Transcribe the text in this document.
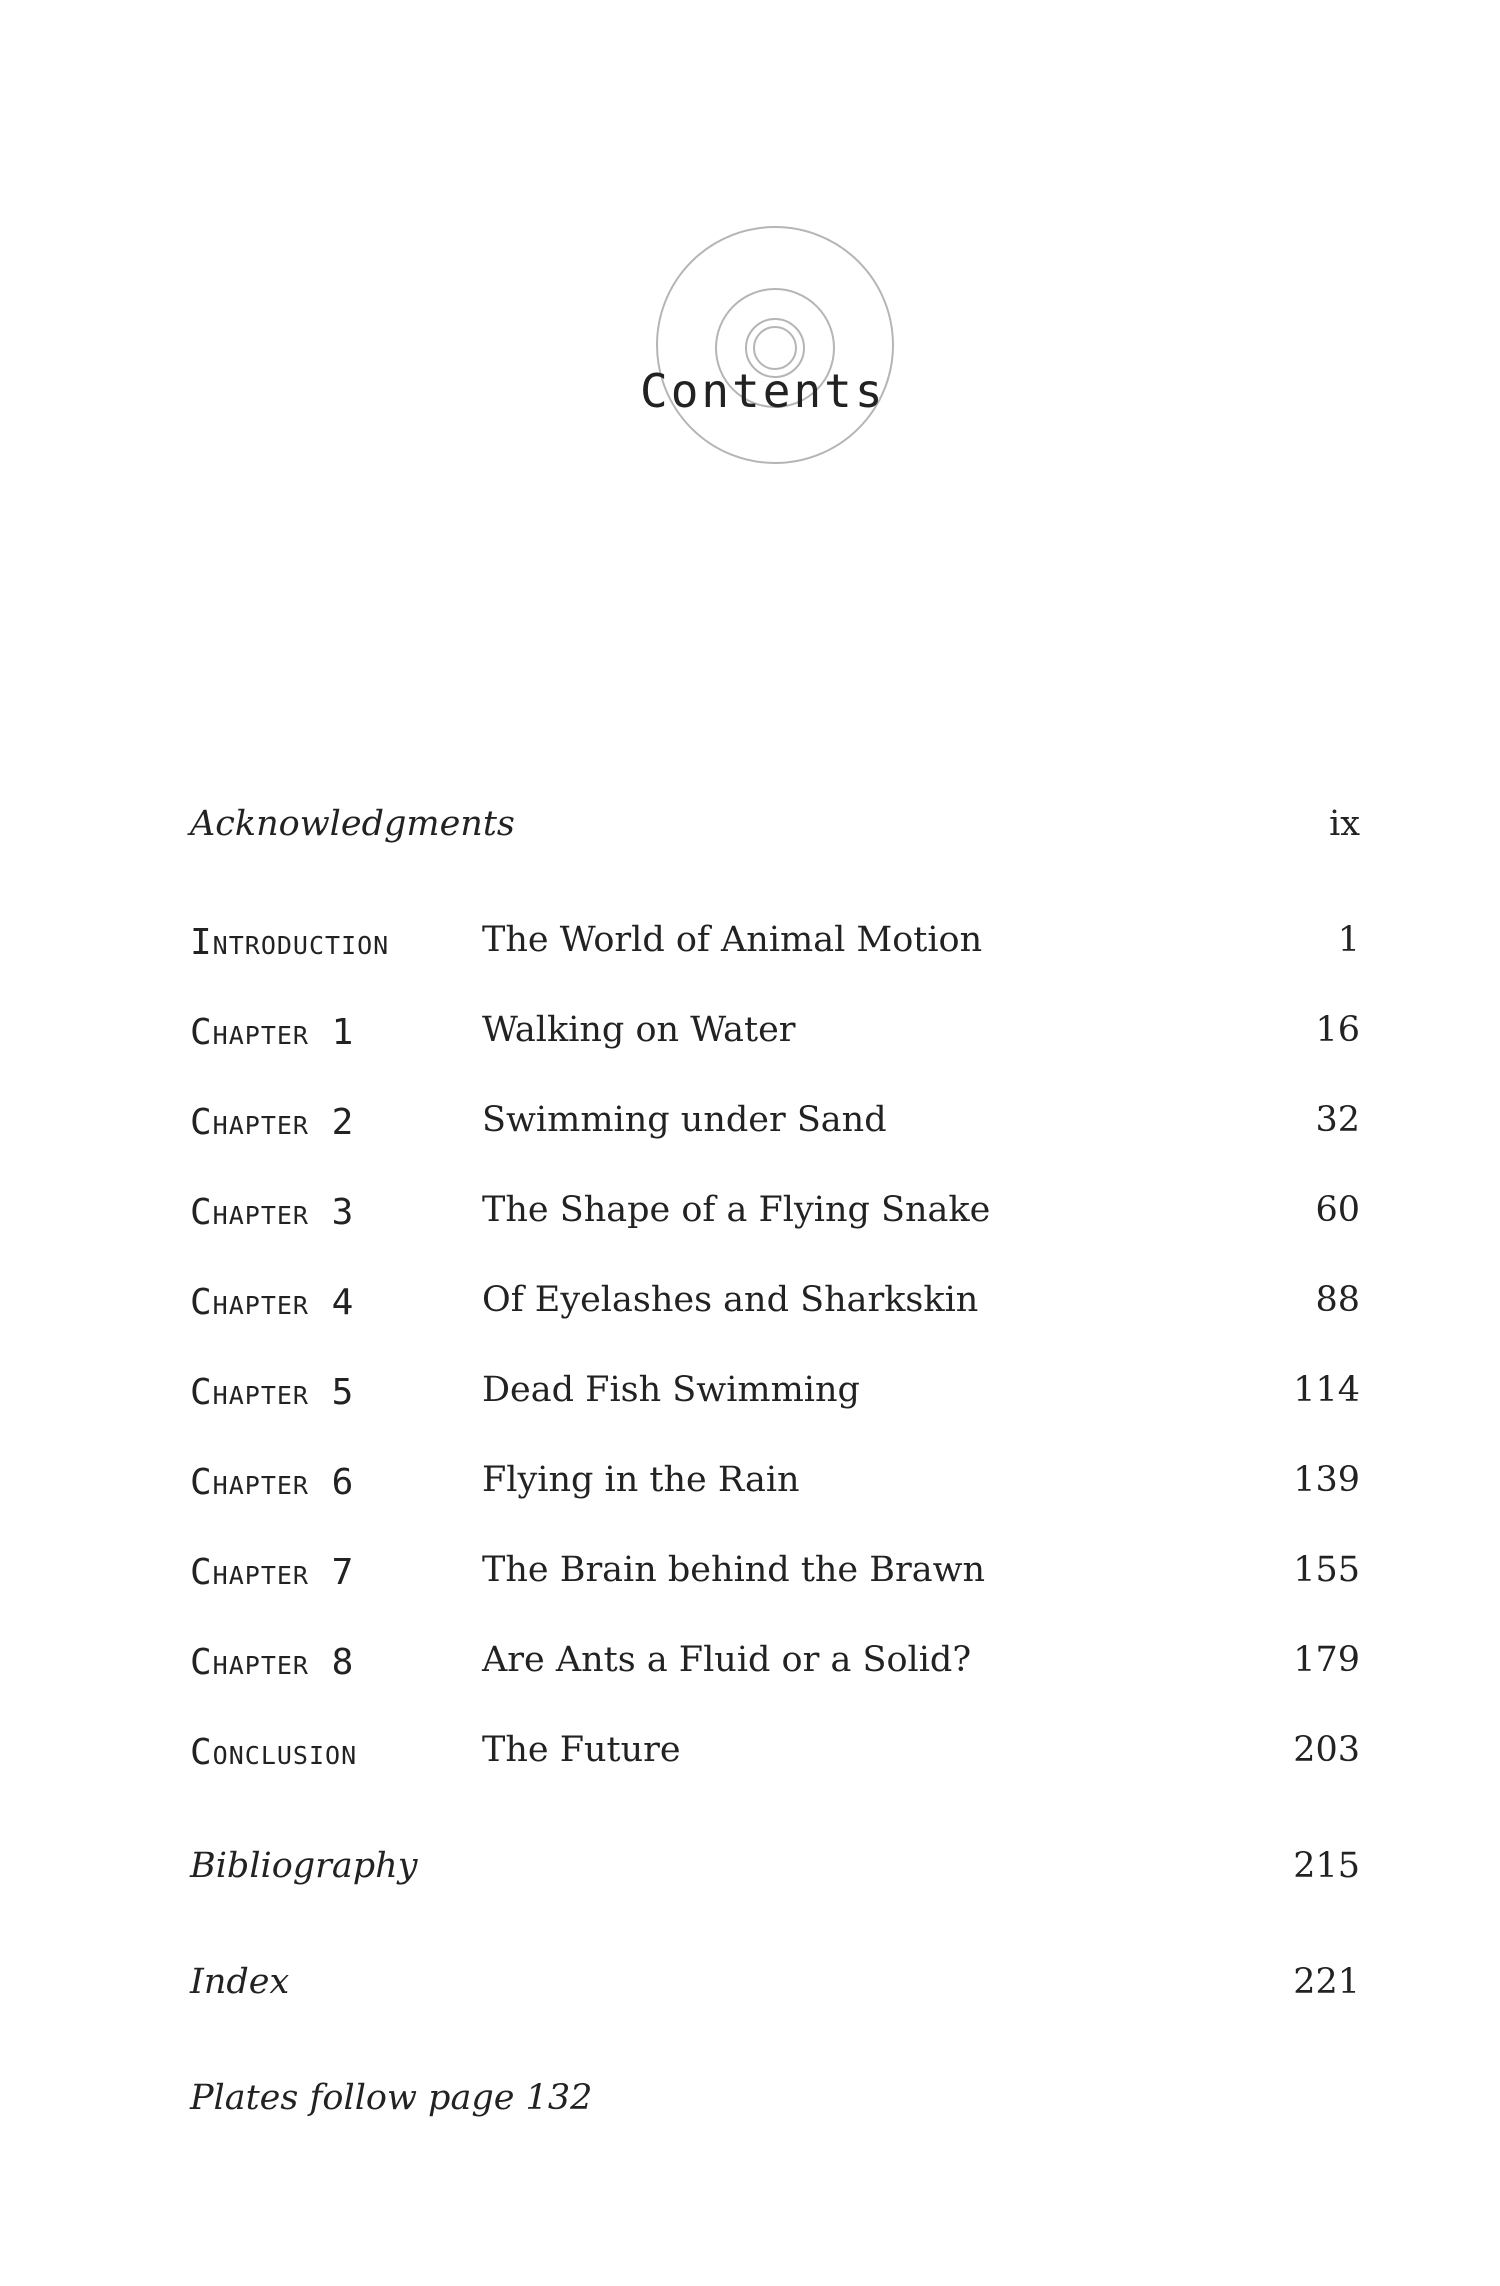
Contents
Acknowledgments	ix
Introduction	The World of Animal Motion	1
Chapter 1	Walking on Water	16
Chapter 2	Swimming under Sand	32
Chapter 3	The Shape of a Flying Snake	60
Chapter 4	Of Eyelashes and Sharkskin	88
Chapter 5	Dead Fish Swimming	114
Chapter 6	Flying in the Rain	139
Chapter 7	The Brain behind the Brawn	155
Chapter 8	Are Ants a Fluid or a Solid?	179
Conclusion	The Future	203
Bibliography	215
Index	221
Plates follow page 132
